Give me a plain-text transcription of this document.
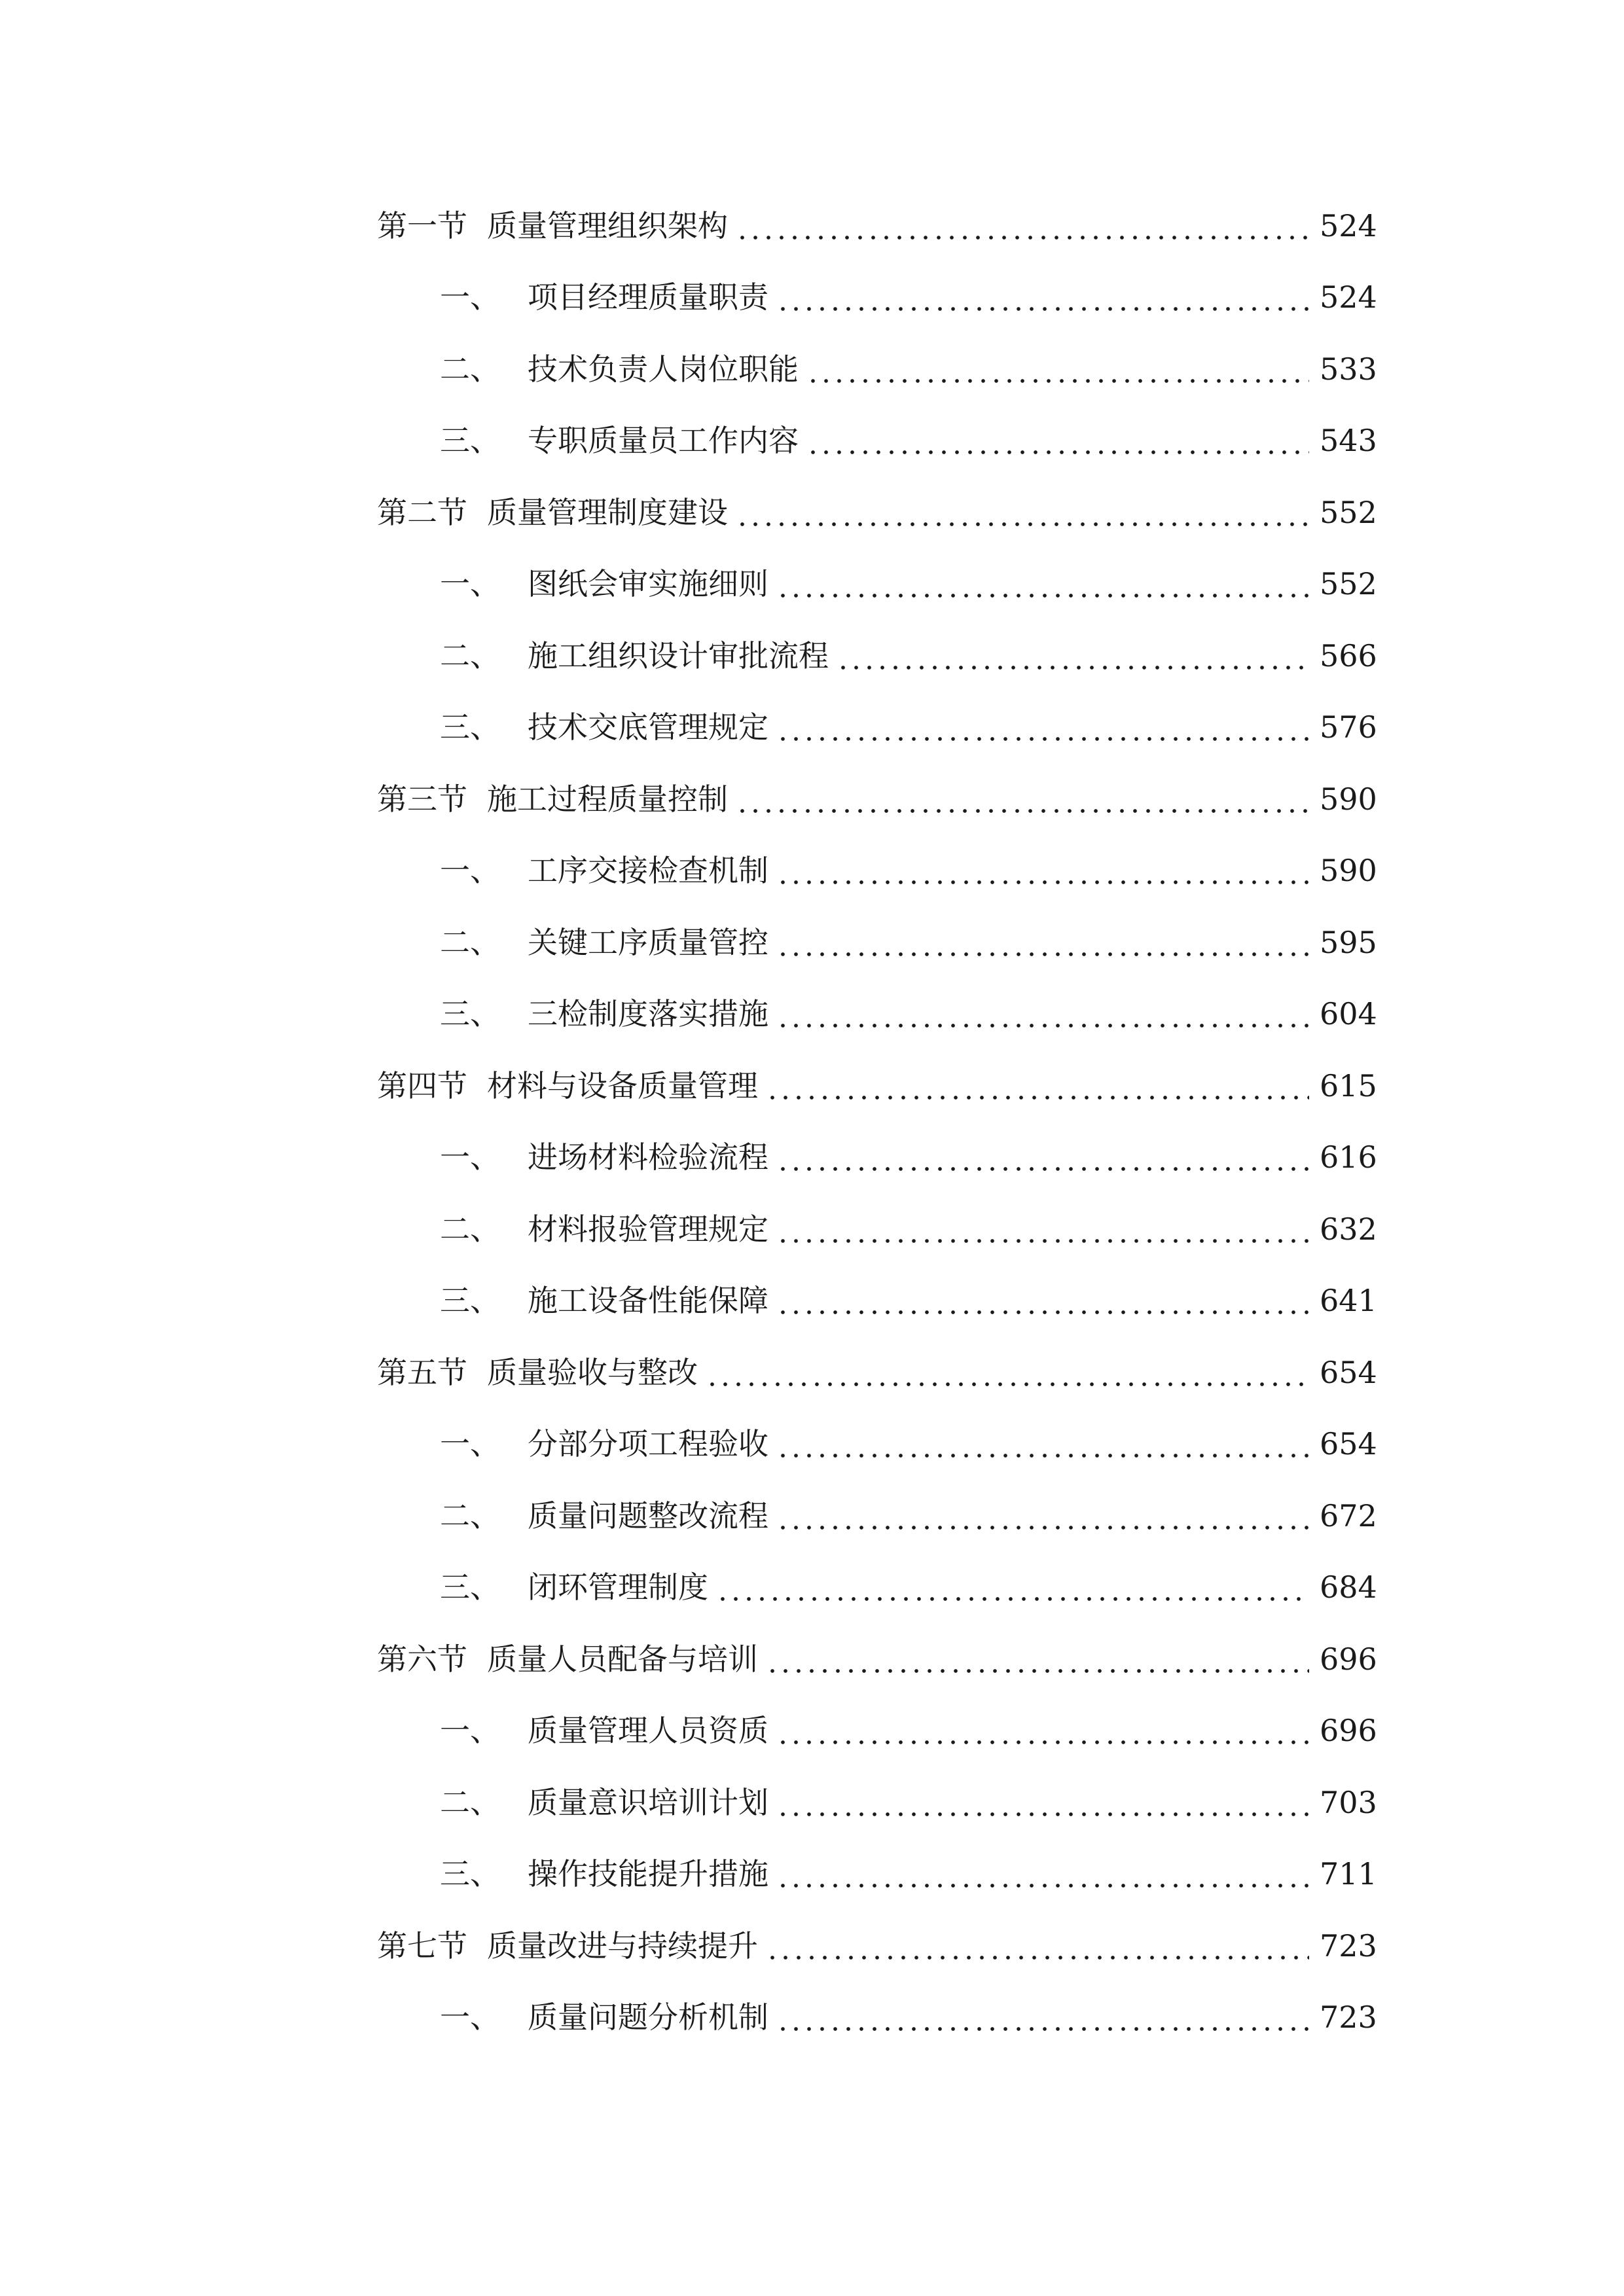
第一节 质量管理组织架构	524
一、 项目经理质量职责	524
二、 技术负责人岗位职能	533
三、 专职质量员工作内容	543
第二节 质量管理制度建设	552
一、 图纸会审实施细则	552
二、 施工组织设计审批流程	566
三、 技术交底管理规定	576
第三节 施工过程质量控制	590
一、 工序交接检查机制	590
二、 关键工序质量管控	595
三、 三检制度落实措施	604
第四节 材料与设备质量管理	615
一、 进场材料检验流程	616
二、 材料报验管理规定	632
三、 施工设备性能保障	641
第五节 质量验收与整改	654
一、 分部分项工程验收	654
二、 质量问题整改流程	672
三、 闭环管理制度	684
第六节 质量人员配备与培训	696
一、 质量管理人员资质	696
二、 质量意识培训计划	703
三、 操作技能提升措施	711
第七节 质量改进与持续提升	723
一、 质量问题分析机制	723
